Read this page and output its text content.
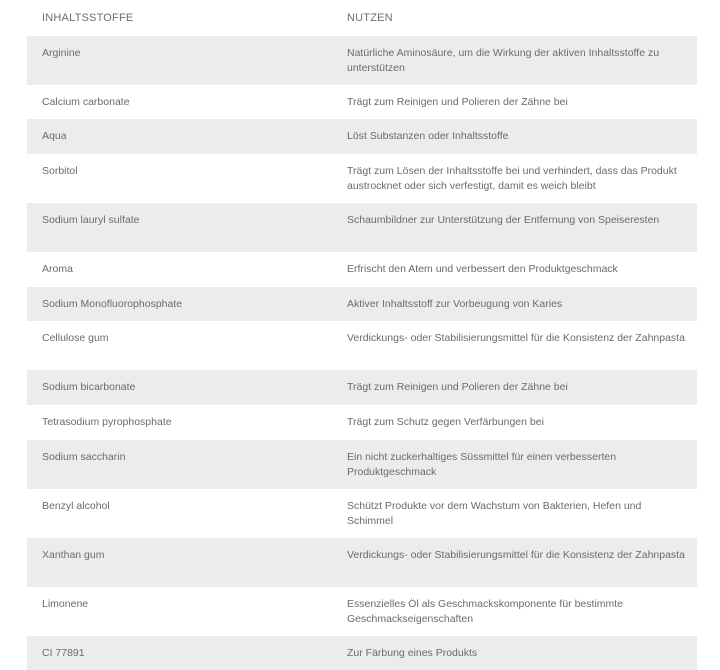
INHALTSSTOFFE	NUTZEN
Arginine	Natürliche Aminosäure, um die Wirkung der aktiven Inhaltsstoffe zu unterstützen
Calcium carbonate	Trägt zum Reinigen und Polieren der Zähne bei
Aqua	Löst Substanzen oder Inhaltsstoffe
Sorbitol	Trägt zum Lösen der Inhaltsstoffe bei und verhindert, dass das Produkt austrocknet oder sich verfestigt, damit es weich bleibt
Sodium lauryl sulfate	Schaumbildner zur Unterstützung der Entfernung von Speiseresten
Aroma	Erfrischt den Atem und verbessert den Produktgeschmack
Sodium Monofluorophosphate	Aktiver Inhaltsstoff zur Vorbeugung von Karies
Cellulose gum	Verdickungs- oder Stabilisierungsmittel für die Konsistenz der Zahnpasta
Sodium bicarbonate	Trägt zum Reinigen und Polieren der Zähne bei
Tetrasodium pyrophosphate	Trägt zum Schutz gegen Verfärbungen bei
Sodium saccharin	Ein nicht zuckerhaltiges Süssmittel für einen verbesserten Produktgeschmack
Benzyl alcohol	Schützt Produkte vor dem Wachstum von Bakterien, Hefen und Schimmel
Xanthan gum	Verdickungs- oder Stabilisierungsmittel für die Konsistenz der Zahnpasta
Limonene	Essenzielles Öl als Geschmackskomponente für bestimmte Geschmackseigenschaften
CI 77891	Zur Färbung eines Produkts
